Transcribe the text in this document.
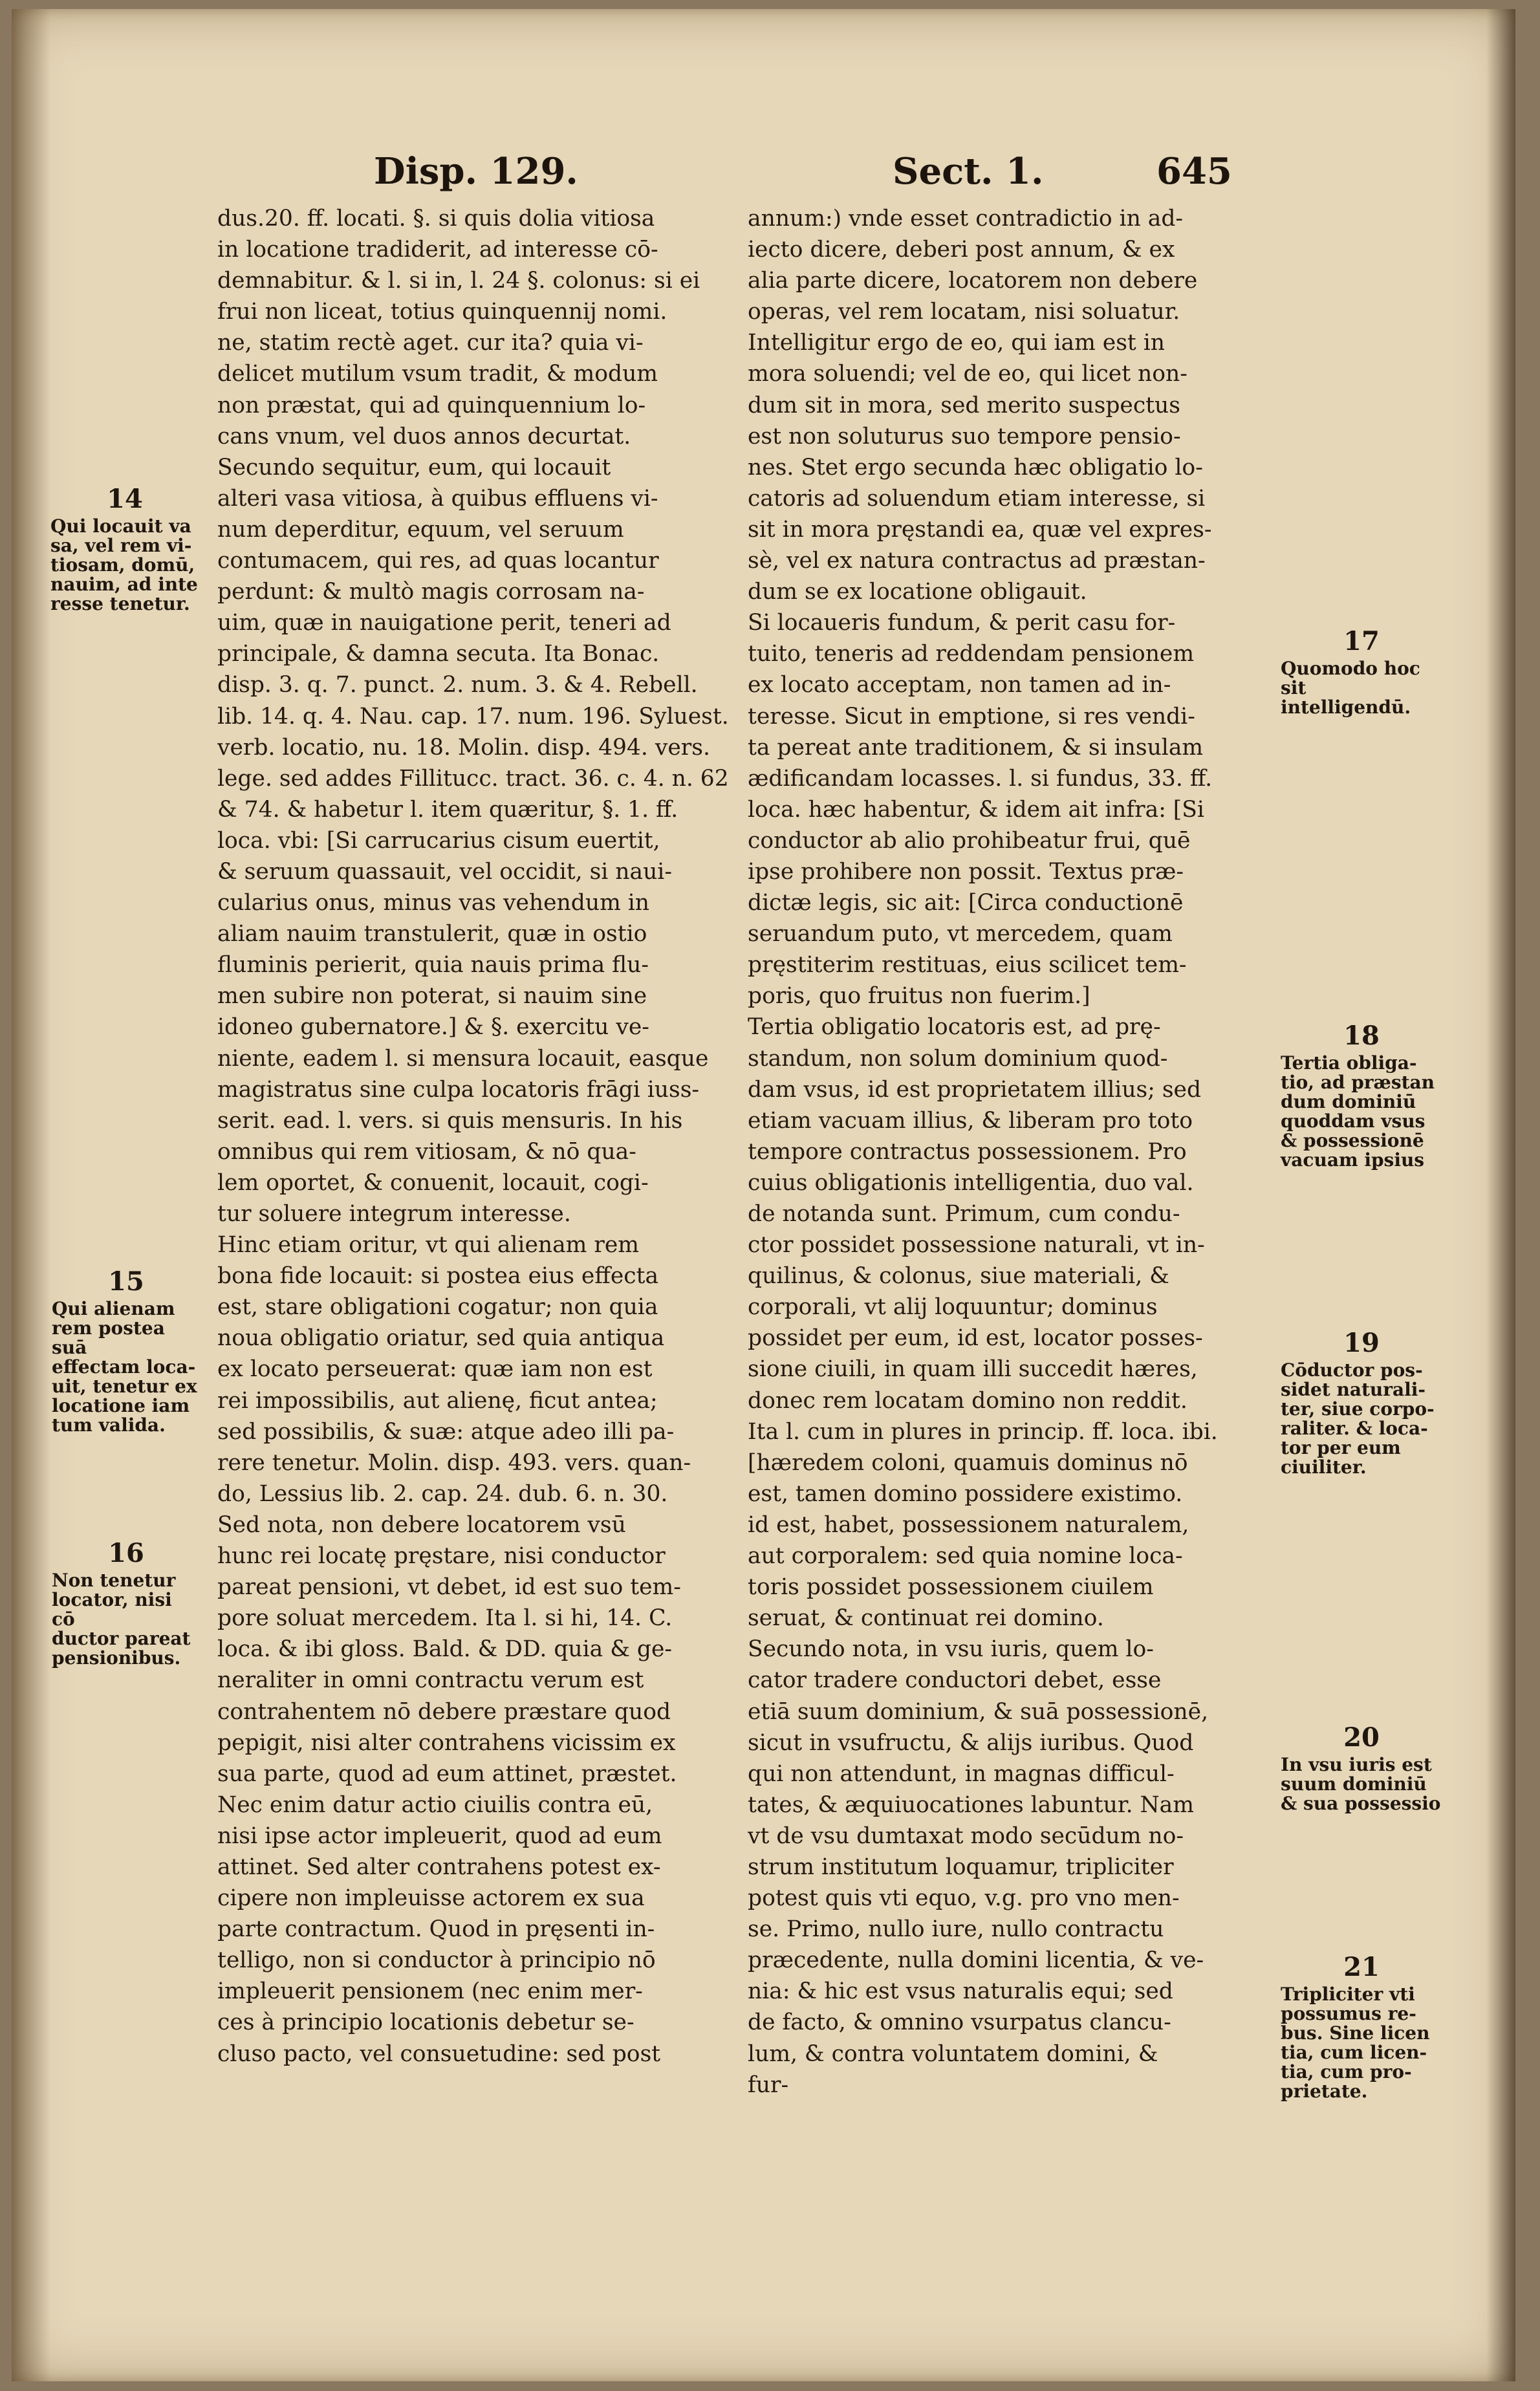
Disp. 129.	Sect. 1.	645
dus.20. ff. locati. §. si quis dolia vitiosa
in locatione tradiderit, ad interesse cō-
demnabitur. & l. si in, l. 24 §. colonus: si ei
frui non liceat, totius quinquennij nomi.
ne, statim rectè aget. cur ita? quia vi-
delicet mutilum vsum tradit, & modum
non præstat, qui ad quinquennium lo-
cans vnum, vel duos annos decurtat.
Secundo sequitur, eum, qui locauit
alteri vasa vitiosa, à quibus effluens vi-
num deperditur, equum, vel seruum
contumacem, qui res, ad quas locantur
perdunt: & multò magis corrosam na-
uim, quæ in nauigatione perit, teneri ad
principale, & damna secuta. Ita Bonac.
disp. 3. q. 7. punct. 2. num. 3. & 4. Rebell.
lib. 14. q. 4. Nau. cap. 17. num. 196. Syluest.
verb. locatio, nu. 18. Molin. disp. 494. vers.
lege. sed addes Fillitucc. tract. 36. c. 4. n. 62
& 74. & habetur l. item quæritur, §. 1. ff.
loca. vbi: [Si carrucarius cisum euertit,
& seruum quassauit, vel occidit, si naui-
cularius onus, minus vas vehendum in
aliam nauim transtulerit, quæ in ostio
fluminis perierit, quia nauis prima flu-
men subire non poterat, si nauim sine
idoneo gubernatore.] & §. exercitu ve-
niente, eadem l. si mensura locauit, easque
magistratus sine culpa locatoris frāgi iuss-
serit. ead. l. vers. si quis mensuris. In his
omnibus qui rem vitiosam, & nō qua-
lem oportet, & conuenit, locauit, cogi-
tur soluere integrum interesse.
Hinc etiam oritur, vt qui alienam rem
bona fide locauit: si postea eius effecta
est, stare obligationi cogatur; non quia
noua obligatio oriatur, sed quia antiqua
ex locato perseuerat: quæ iam non est
rei impossibilis, aut alienę, ficut antea;
sed possibilis, & suæ: atque adeo illi pa-
rere tenetur. Molin. disp. 493. vers. quan-
do, Lessius lib. 2. cap. 24. dub. 6. n. 30.
Sed nota, non debere locatorem vsū
hunc rei locatę pręstare, nisi conductor
pareat pensioni, vt debet, id est suo tem-
pore soluat mercedem. Ita l. si hi, 14. C.
loca. & ibi gloss. Bald. & DD. quia & ge-
neraliter in omni contractu verum est
contrahentem nō debere præstare quod
pepigit, nisi alter contrahens vicissim ex
sua parte, quod ad eum attinet, præstet.
Nec enim datur actio ciuilis contra eū,
nisi ipse actor impleuerit, quod ad eum
attinet. Sed alter contrahens potest ex-
cipere non impleuisse actorem ex sua
parte contractum. Quod in pręsenti in-
telligo, non si conductor à principio nō
impleuerit pensionem (nec enim mer-
ces à principio locationis debetur se-
cluso pacto, vel consuetudine: sed post
annum:) vnde esset contradictio in ad-
iecto dicere, deberi post annum, & ex
alia parte dicere, locatorem non debere
operas, vel rem locatam, nisi soluatur.
Intelligitur ergo de eo, qui iam est in
mora soluendi; vel de eo, qui licet non-
dum sit in mora, sed merito suspectus
est non soluturus suo tempore pensio-
nes. Stet ergo secunda hæc obligatio lo-
catoris ad soluendum etiam interesse, si
sit in mora pręstandi ea, quæ vel expres-
sè, vel ex natura contractus ad præstan-
dum se ex locatione obligauit.
Si locaueris fundum, & perit casu for-
tuito, teneris ad reddendam pensionem
ex locato acceptam, non tamen ad in-
teresse. Sicut in emptione, si res vendi-
ta pereat ante traditionem, & si insulam
ædificandam locasses. l. si fundus, 33. ff.
loca. hæc habentur, & idem ait infra: [Si
conductor ab alio prohibeatur frui, quē
ipse prohibere non possit. Textus præ-
dictæ legis, sic ait: [Circa conductionē
seruandum puto, vt mercedem, quam
pręstiterim restituas, eius scilicet tem-
poris, quo fruitus non fuerim.]
Tertia obligatio locatoris est, ad prę-
standum, non solum dominium quod-
dam vsus, id est proprietatem illius; sed
etiam vacuam illius, & liberam pro toto
tempore contractus possessionem. Pro
cuius obligationis intelligentia, duo val.
de notanda sunt. Primum, cum condu-
ctor possidet possessione naturali, vt in-
quilinus, & colonus, siue materiali, &
corporali, vt alij loquuntur; dominus
possidet per eum, id est, locator posses-
sione ciuili, in quam illi succedit hæres,
donec rem locatam domino non reddit.
Ita l. cum in plures in princip. ff. loca. ibi.
[hæredem coloni, quamuis dominus nō
est, tamen domino possidere existimo.
id est, habet, possessionem naturalem,
aut corporalem: sed quia nomine loca-
toris possidet possessionem ciuilem
seruat, & continuat rei domino.
Secundo nota, in vsu iuris, quem lo-
cator tradere conductori debet, esse
etiā suum dominium, & suā possessionē,
sicut in vsufructu, & alijs iuribus. Quod
qui non attendunt, in magnas difficul-
tates, & æquiuocationes labuntur. Nam
vt de vsu dumtaxat modo secūdum no-
strum institutum loquamur, tripliciter
potest quis vti equo, v.g. pro vno men-
se. Primo, nullo iure, nullo contractu
præcedente, nulla domini licentia, & ve-
nia: & hic est vsus naturalis equi; sed
de facto, & omnino vsurpatus clancu-
lum, & contra voluntatem domini, &
fur-
14
Qui locauit va
sa, vel rem vi-
tiosam, domū,
nauim, ad inte
resse tenetur.
15
Qui alienam
rem postea suā
effectam loca-
uit, tenetur ex
locatione iam
tum valida.
16
Non tenetur
locator, nisi cō
ductor pareat
pensionibus.
17
Quomodo hoc
sit intelligendū.
18
Tertia obliga-
tio, ad præstan
dum dominiū
quoddam vsus
& possessionē
vacuam ipsius
19
Cōductor pos-
sidet naturali-
ter, siue corpo-
raliter. & loca-
tor per eum
ciuiliter.
20
In vsu iuris est
suum dominiū
& sua possessio
21
Tripliciter vti
possumus re-
bus. Sine licen
tia, cum licen-
tia, cum pro-
prietate.
